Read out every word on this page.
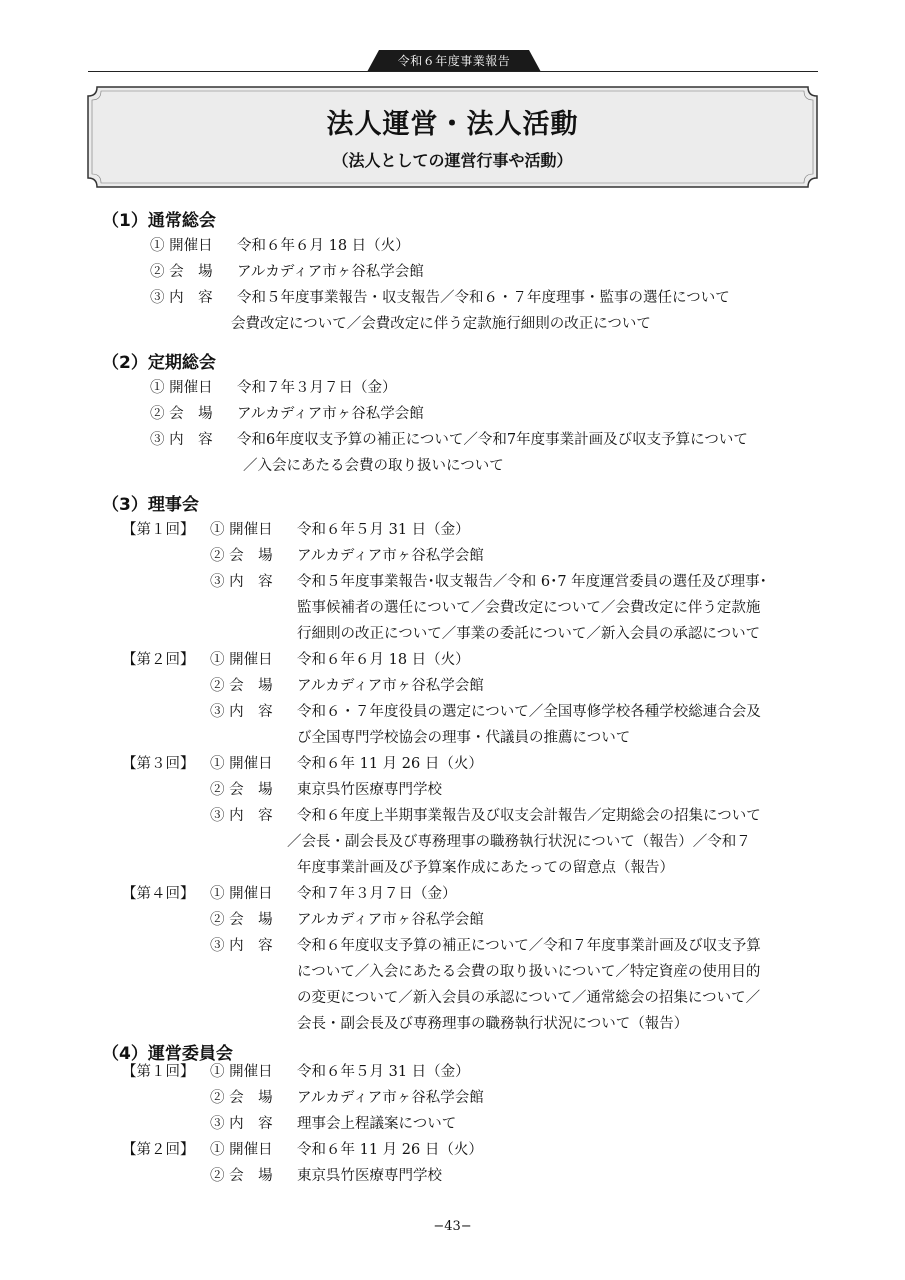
令和６年度事業報告
法人運営・法人活動
（法人としての運営行事や活動）
（1）通常総会
① 開催日 令和６年６月 18 日（火）
② 会　場 アルカディア市ヶ谷私学会館
③ 内　容 令和５年度事業報告・収支報告／令和６・７年度理事・監事の選任について
会費改定について／会費改定に伴う定款施行細則の改正について
（2）定期総会
① 開催日 令和７年３月７日（金）
② 会　場 アルカディア市ヶ谷私学会館
③ 内　容 令和6年度収支予算の補正について／令和7年度事業計画及び収支予算について
／入会にあたる会費の取り扱いについて
（3）理事会
【第１回】 ① 開催日 令和６年５月 31 日（金）
② 会　場 アルカディア市ヶ谷私学会館
③ 内　容 令和５年度事業報告･収支報告／令和 6･7 年度運営委員の選任及び理事･
監事候補者の選任について／会費改定について／会費改定に伴う定款施
行細則の改正について／事業の委託について／新入会員の承認について
【第２回】 ① 開催日 令和６年６月 18 日（火）
② 会　場 アルカディア市ヶ谷私学会館
③ 内　容 令和６・７年度役員の選定について／全国専修学校各種学校総連合会及
び全国専門学校協会の理事・代議員の推薦について
【第３回】 ① 開催日 令和６年 11 月 26 日（火）
② 会　場 東京呉竹医療専門学校
③ 内　容 令和６年度上半期事業報告及び収支会計報告／定期総会の招集について
／会長・副会長及び専務理事の職務執行状況について（報告）／令和７
年度事業計画及び予算案作成にあたっての留意点（報告）
【第４回】 ① 開催日 令和７年３月７日（金）
② 会　場 アルカディア市ヶ谷私学会館
③ 内　容 令和６年度収支予算の補正について／令和７年度事業計画及び収支予算
について／入会にあたる会費の取り扱いについて／特定資産の使用目的
の変更について／新入会員の承認について／通常総会の招集について／
会長・副会長及び専務理事の職務執行状況について（報告）
（4）運営委員会
【第１回】 ① 開催日 令和６年５月 31 日（金）
② 会　場 アルカディア市ヶ谷私学会館
③ 内　容 理事会上程議案について
【第２回】 ① 開催日 令和６年 11 月 26 日（火）
② 会　場 東京呉竹医療専門学校
−43−
